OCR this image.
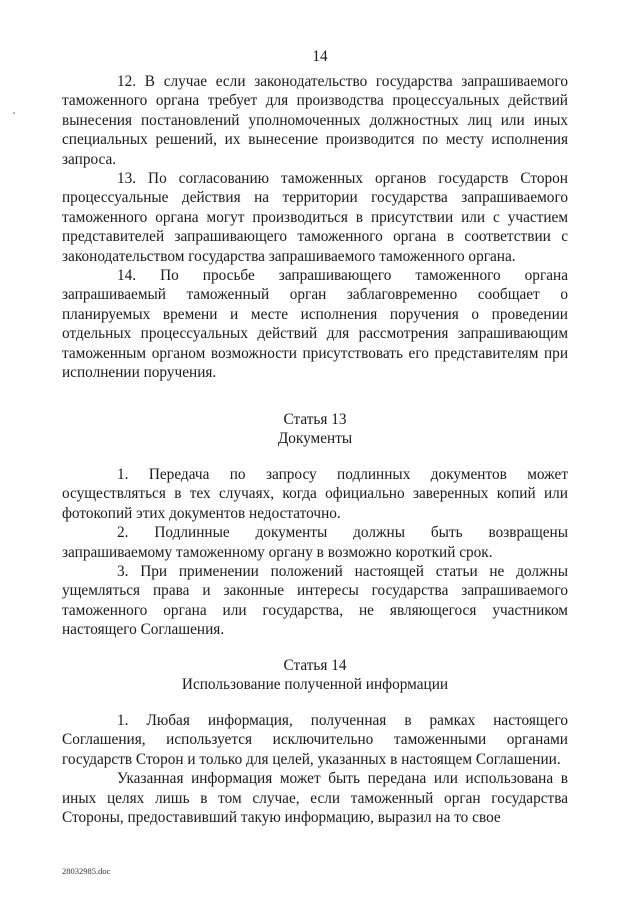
14

12. В случае если законодательство государства запрашиваемого таможенного органа требует для производства процессуальных действий вынесения постановлений уполномоченных должностных лиц или иных специальных решений, их вынесение производится по месту исполнения запроса.

13. По согласованию таможенных органов государств Сторон процессуальные действия на территории государства запрашиваемого таможенного органа могут производиться в присутствии или с участием представителей запрашивающего таможенного органа в соответствии с законодательством государства запрашиваемого таможенного органа.

14. По просьбе запрашивающего таможенного органа запрашиваемый таможенный орган заблаговременно сообщает о планируемых времени и месте исполнения поручения о проведении отдельных процессуальных действий для рассмотрения запрашивающим таможенным органом возможности присутствовать его представителям при исполнении поручения.

Статья 13

Документы

1. Передача по запросу подлинных документов может осуществляться в тех случаях, когда официально заверенных копий или фотокопий этих документов недостаточно.

2. Подлинные документы должны быть возвращены запрашиваемому таможенному органу в возможно короткий срок.

3. При применении положений настоящей статьи не должны ущемляться права и законные интересы государства запрашиваемого таможенного органа или государства, не являющегося участником настоящего Соглашения.

Статья 14

Использование полученной информации

1. Любая информация, полученная в рамках настоящего Соглашения, используется исключительно таможенными органами государств Сторон и только для целей, указанных в настоящем Соглашении.

Указанная информация может быть передана или использована в иных целях лишь в том случае, если таможенный орган государства Стороны, предоставивший такую информацию, выразил на то свое

28032985.doc
